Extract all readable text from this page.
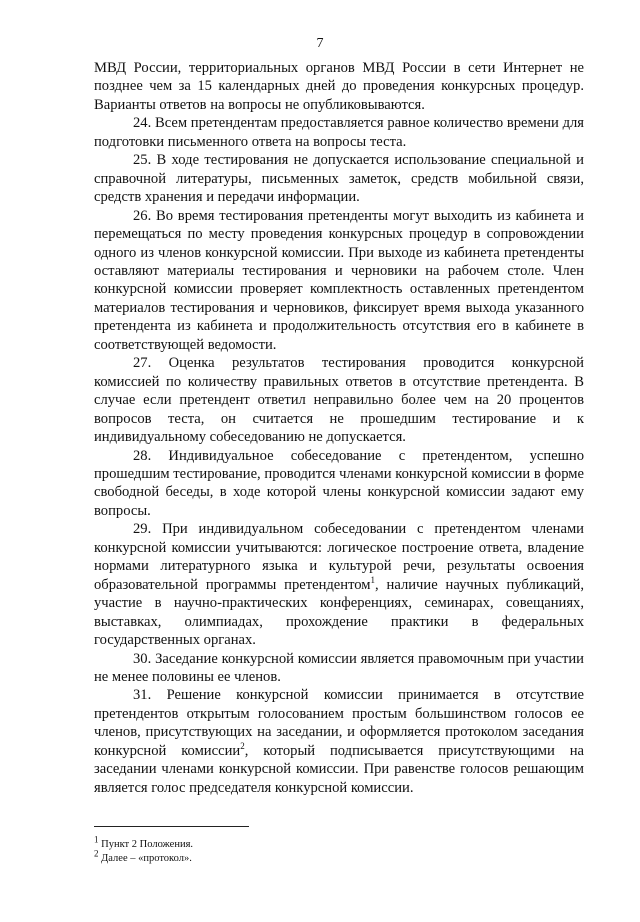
7

МВД России, территориальных органов МВД России в сети Интернет не позднее чем за 15 календарных дней до проведения конкурсных процедур. Варианты ответов на вопросы не опубликовываются.

24. Всем претендентам предоставляется равное количество времени для подготовки письменного ответа на вопросы теста.

25. В ходе тестирования не допускается использование специальной и справочной литературы, письменных заметок, средств мобильной связи, средств хранения и передачи информации.

26. Во время тестирования претенденты могут выходить из кабинета и перемещаться по месту проведения конкурсных процедур в сопровождении одного из членов конкурсной комиссии. При выходе из кабинета претенденты оставляют материалы тестирования и черновики на рабочем столе. Член конкурсной комиссии проверяет комплектность оставленных претендентом материалов тестирования и черновиков, фиксирует время выхода указанного претендента из кабинета и продолжительность отсутствия его в кабинете в соответствующей ведомости.

27. Оценка результатов тестирования проводится конкурсной комиссией по количеству правильных ответов в отсутствие претендента. В случае если претендент ответил неправильно более чем на 20 процентов вопросов теста, он считается не прошедшим тестирование и к индивидуальному собеседованию не допускается.

28. Индивидуальное собеседование с претендентом, успешно прошедшим тестирование, проводится членами конкурсной комиссии в форме свободной беседы, в ходе которой члены конкурсной комиссии задают ему вопросы.

29. При индивидуальном собеседовании с претендентом членами конкурсной комиссии учитываются: логическое построение ответа, владение нормами литературного языка и культурой речи, результаты освоения образовательной программы претендентом$^1$, наличие научных публикаций, участие в научно-практических конференциях, семинарах, совещаниях, выставках, олимпиадах, прохождение практики в федеральных государственных органах.

30. Заседание конкурсной комиссии является правомочным при участии не менее половины ее членов.

31. Решение конкурсной комиссии принимается в отсутствие претендентов открытым голосованием простым большинством голосов ее членов, присутствующих на заседании, и оформляется протоколом заседания конкурсной комиссии$^2$, который подписывается присутствующими на заседании членами конкурсной комиссии. При равенстве голосов решающим является голос председателя конкурсной комиссии.

$^1$ Пункт 2 Положения.

$^2$ Далее – «протокол».
